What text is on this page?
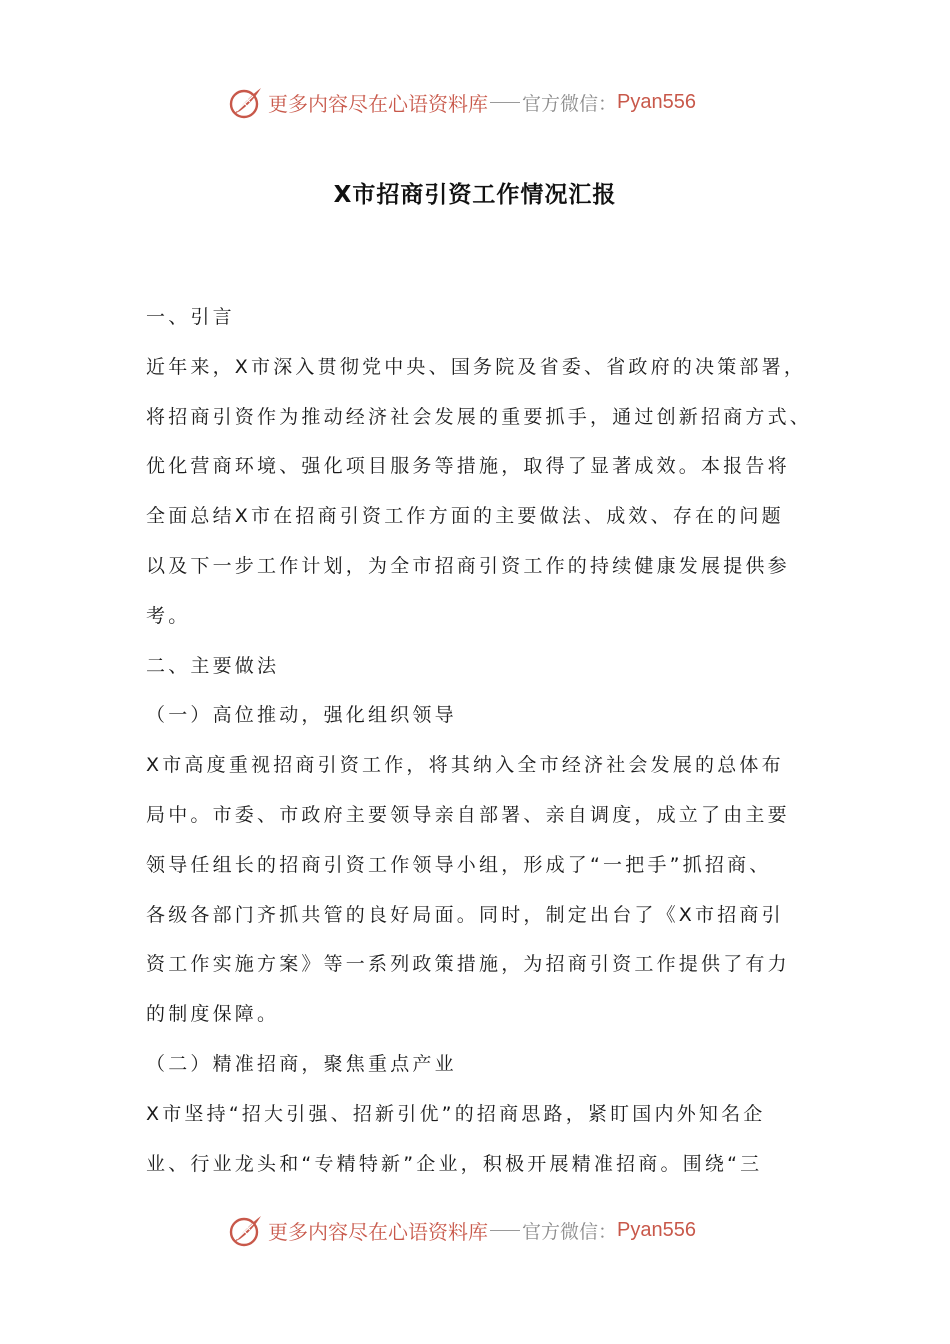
更多内容尽在心语资料库 官方微信： Pyan556
X市招商引资工作情况汇报
一、引言
近年来，X市深入贯彻党中央、国务院及省委、省政府的决策部署，
将招商引资作为推动经济社会发展的重要抓手，通过创新招商方式、
优化营商环境、强化项目服务等措施，取得了显著成效。本报告将
全面总结X市在招商引资工作方面的主要做法、成效、存在的问题
以及下一步工作计划，为全市招商引资工作的持续健康发展提供参
考。
二、主要做法
（一）高位推动，强化组织领导
X市高度重视招商引资工作，将其纳入全市经济社会发展的总体布
局中。市委、市政府主要领导亲自部署、亲自调度，成立了由主要
领导任组长的招商引资工作领导小组，形成了“一把手”抓招商、
各级各部门齐抓共管的良好局面。同时，制定出台了《X市招商引
资工作实施方案》等一系列政策措施，为招商引资工作提供了有力
的制度保障。
（二）精准招商，聚焦重点产业
X市坚持“招大引强、招新引优”的招商思路，紧盯国内外知名企
业、行业龙头和“专精特新”企业，积极开展精准招商。围绕“三
更多内容尽在心语资料库 官方微信： Pyan556
